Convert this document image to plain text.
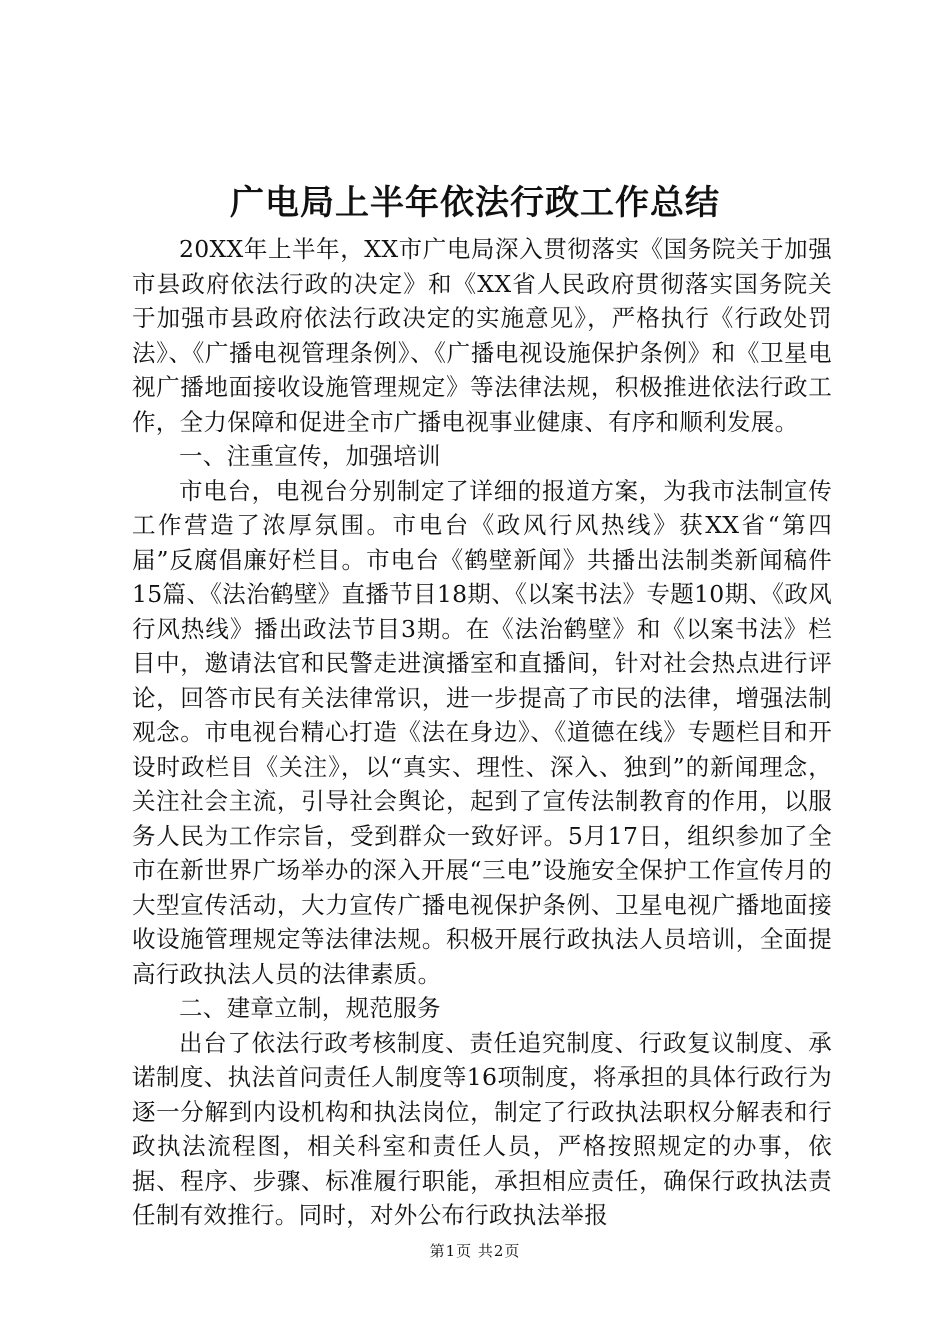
广电局上半年依法行政工作总结

20XX年上半年，XX市广电局深入贯彻落实《国务院关于加强市县政府依法行政的决定》和《XX省人民政府贯彻落实国务院关于加强市县政府依法行政决定的实施意见》，严格执行《行政处罚法》、《广播电视管理条例》、《广播电视设施保护条例》和《卫星电视广播地面接收设施管理规定》等法律法规，积极推进依法行政工作，全力保障和促进全市广播电视事业健康、有序和顺利发展。

一、注重宣传，加强培训

市电台，电视台分别制定了详细的报道方案，为我市法制宣传工作营造了浓厚氛围。市电台《政风行风热线》获XX省“第四届”反腐倡廉好栏目。市电台《鹤壁新闻》共播出法制类新闻稿件15篇、《法治鹤壁》直播节目18期、《以案书法》专题10期、《政风行风热线》播出政法节目3期。在《法治鹤壁》和《以案书法》栏目中，邀请法官和民警走进演播室和直播间，针对社会热点进行评论，回答市民有关法律常识，进一步提高了市民的法律，增强法制观念。市电视台精心打造《法在身边》、《道德在线》专题栏目和开设时政栏目《关注》，以“真实、理性、深入、独到”的新闻理念，关注社会主流，引导社会舆论，起到了宣传法制教育的作用，以服务人民为工作宗旨，受到群众一致好评。5月17日，组织参加了全市在新世界广场举办的深入开展“三电”设施安全保护工作宣传月的大型宣传活动，大力宣传广播电视保护条例、卫星电视广播地面接收设施管理规定等法律法规。积极开展行政执法人员培训，全面提高行政执法人员的法律素质。

二、建章立制，规范服务

出台了依法行政考核制度、责任追究制度、行政复议制度、承诺制度、执法首问责任人制度等16项制度，将承担的具体行政行为逐一分解到内设机构和执法岗位，制定了行政执法职权分解表和行政执法流程图，相关科室和责任人员，严格按照规定的办事，依据、程序、步骤、标准履行职能，承担相应责任，确保行政执法责任制有效推行。同时，对外公布行政执法举报

第1页 共2页
